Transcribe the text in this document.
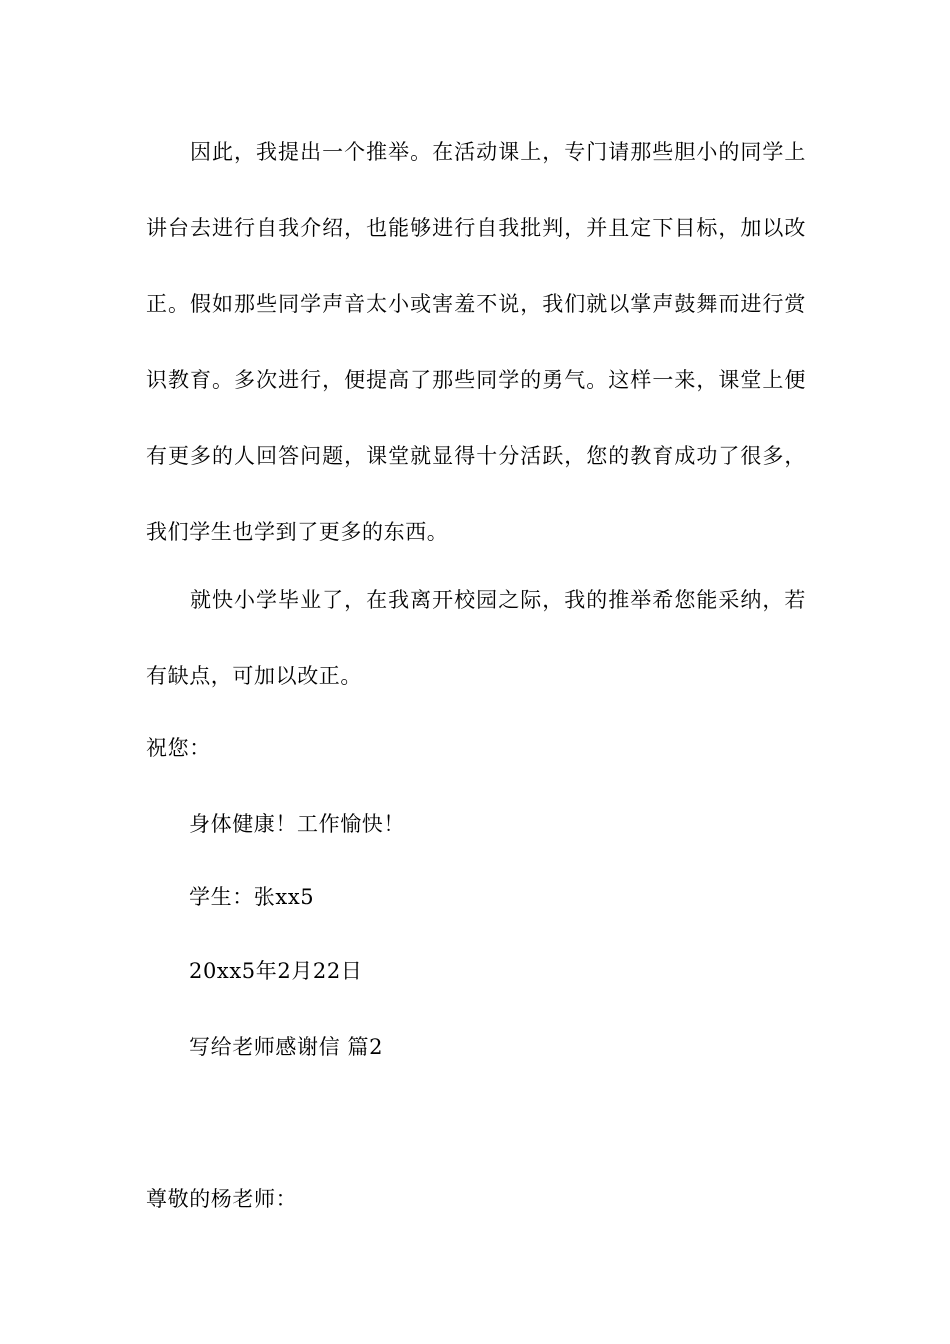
因此，我提出一个推举。在活动课上，专门请那些胆小的同学上讲台去进行自我介绍，也能够进行自我批判，并且定下目标，加以改正。假如那些同学声音太小或害羞不说，我们就以掌声鼓舞而进行赏识教育。多次进行，便提高了那些同学的勇气。这样一来，课堂上便有更多的人回答问题，课堂就显得十分活跃，您的教育成功了很多，我们学生也学到了更多的东西。

就快小学毕业了，在我离开校园之际，我的推举希您能采纳，若有缺点，可加以改正。

祝您：

身体健康！工作愉快！

学生：张xx5

20xx5年2月22日

写给老师感谢信 篇2

尊敬的杨老师：
